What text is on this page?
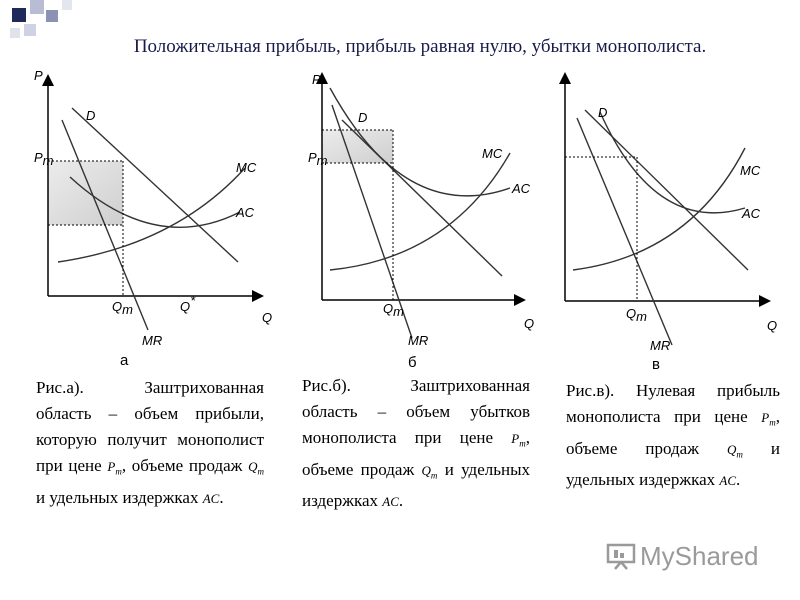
Положительная прибыль, прибыль равная нулю, убытки монополиста.
P
Q
D
MC
AC
MR
Pm
Qm	Q*
P
Q
D
MC
AC
MR
Pm
Qm
D
Q
MC
AC
MR
Qm
а	б	в
Рис.а). Заштрихованная область – объем прибыли, которую получит монополист при цене $P_m$, объеме продаж $Q_m$ и удельных издержках AC.
Рис.б). Заштрихованная область – объем убытков монополиста при цене $P_m$, объеме продаж $Q_m$ и удельных издержках AC.
Рис.в). Нулевая прибыль монополиста при цене $P_m$, объеме продаж $Q_m$ и удельных издержках AC.
MyShared
